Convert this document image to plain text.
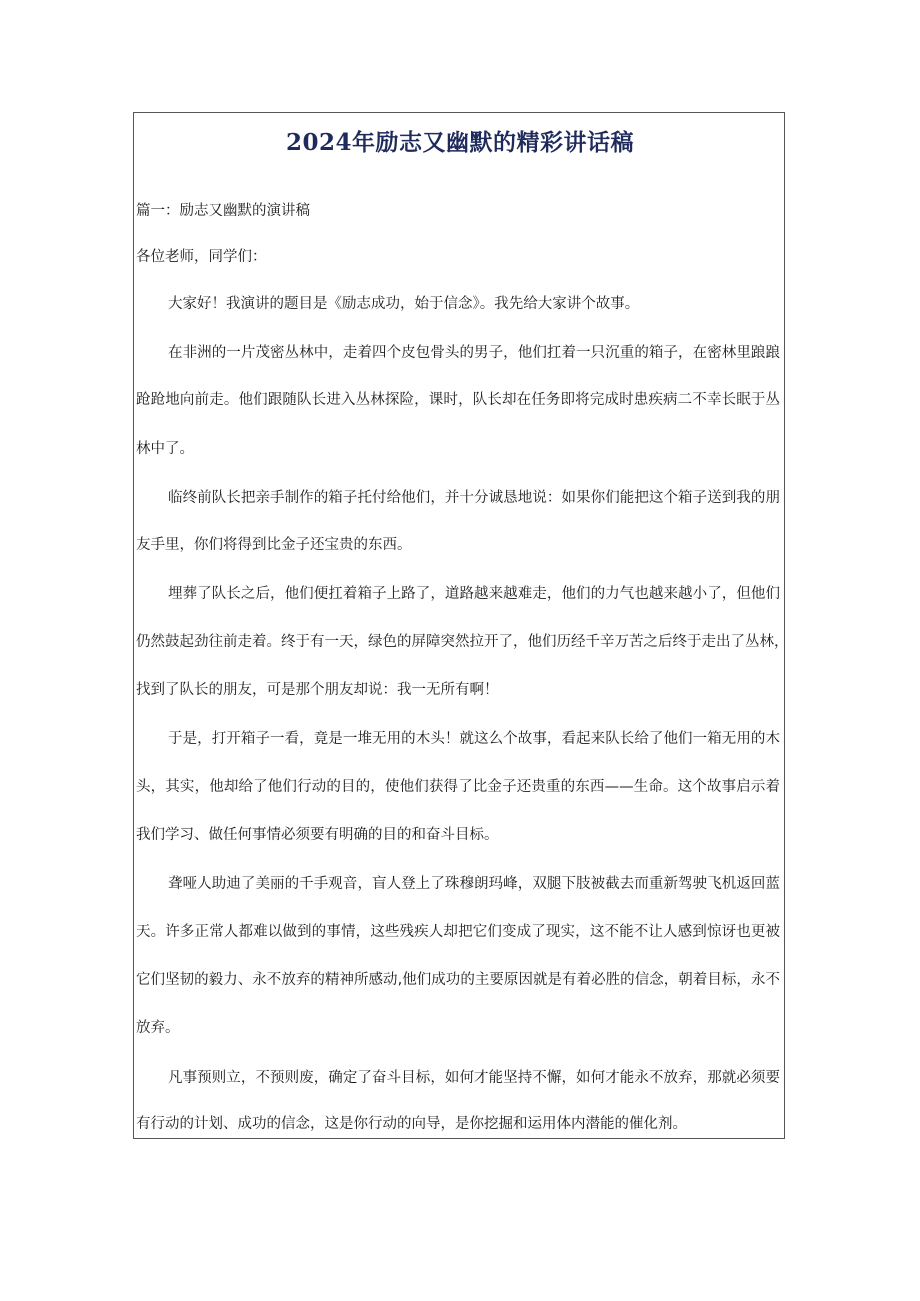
2024年励志又幽默的精彩讲话稿

篇一：励志又幽默的演讲稿

各位老师，同学们：

大家好！我演讲的题目是《励志成功，始于信念》。我先给大家讲个故事。

在非洲的一片茂密丛林中，走着四个皮包骨头的男子，他们扛着一只沉重的箱子，在密林里踉踉

跄跄地向前走。他们跟随队长进入丛林探险，课时，队长却在任务即将完成时患疾病二不幸长眠于丛

林中了。

临终前队长把亲手制作的箱子托付给他们，并十分诚恳地说：如果你们能把这个箱子送到我的朋

友手里，你们将得到比金子还宝贵的东西。

埋葬了队长之后，他们便扛着箱子上路了，道路越来越难走，他们的力气也越来越小了，但他们

仍然鼓起劲往前走着。终于有一天，绿色的屏障突然拉开了，他们历经千辛万苦之后终于走出了丛林，

找到了队长的朋友，可是那个朋友却说：我一无所有啊！

于是，打开箱子一看，竟是一堆无用的木头！就这么个故事，看起来队长给了他们一箱无用的木

头，其实，他却给了他们行动的目的，使他们获得了比金子还贵重的东西——生命。这个故事启示着

我们学习、做任何事情必须要有明确的目的和奋斗目标。

聋哑人助迪了美丽的千手观音，盲人登上了珠穆朗玛峰，双腿下肢被截去而重新驾驶飞机返回蓝

天。许多正常人都难以做到的事情，这些残疾人却把它们变成了现实，这不能不让人感到惊讶也更被

它们坚韧的毅力、永不放弃的精神所感动,他们成功的主要原因就是有着必胜的信念，朝着目标，永不

放弃。

凡事预则立，不预则废，确定了奋斗目标，如何才能坚持不懈，如何才能永不放弃，那就必须要

有行动的计划、成功的信念，这是你行动的向导，是你挖掘和运用体内潜能的催化剂。
